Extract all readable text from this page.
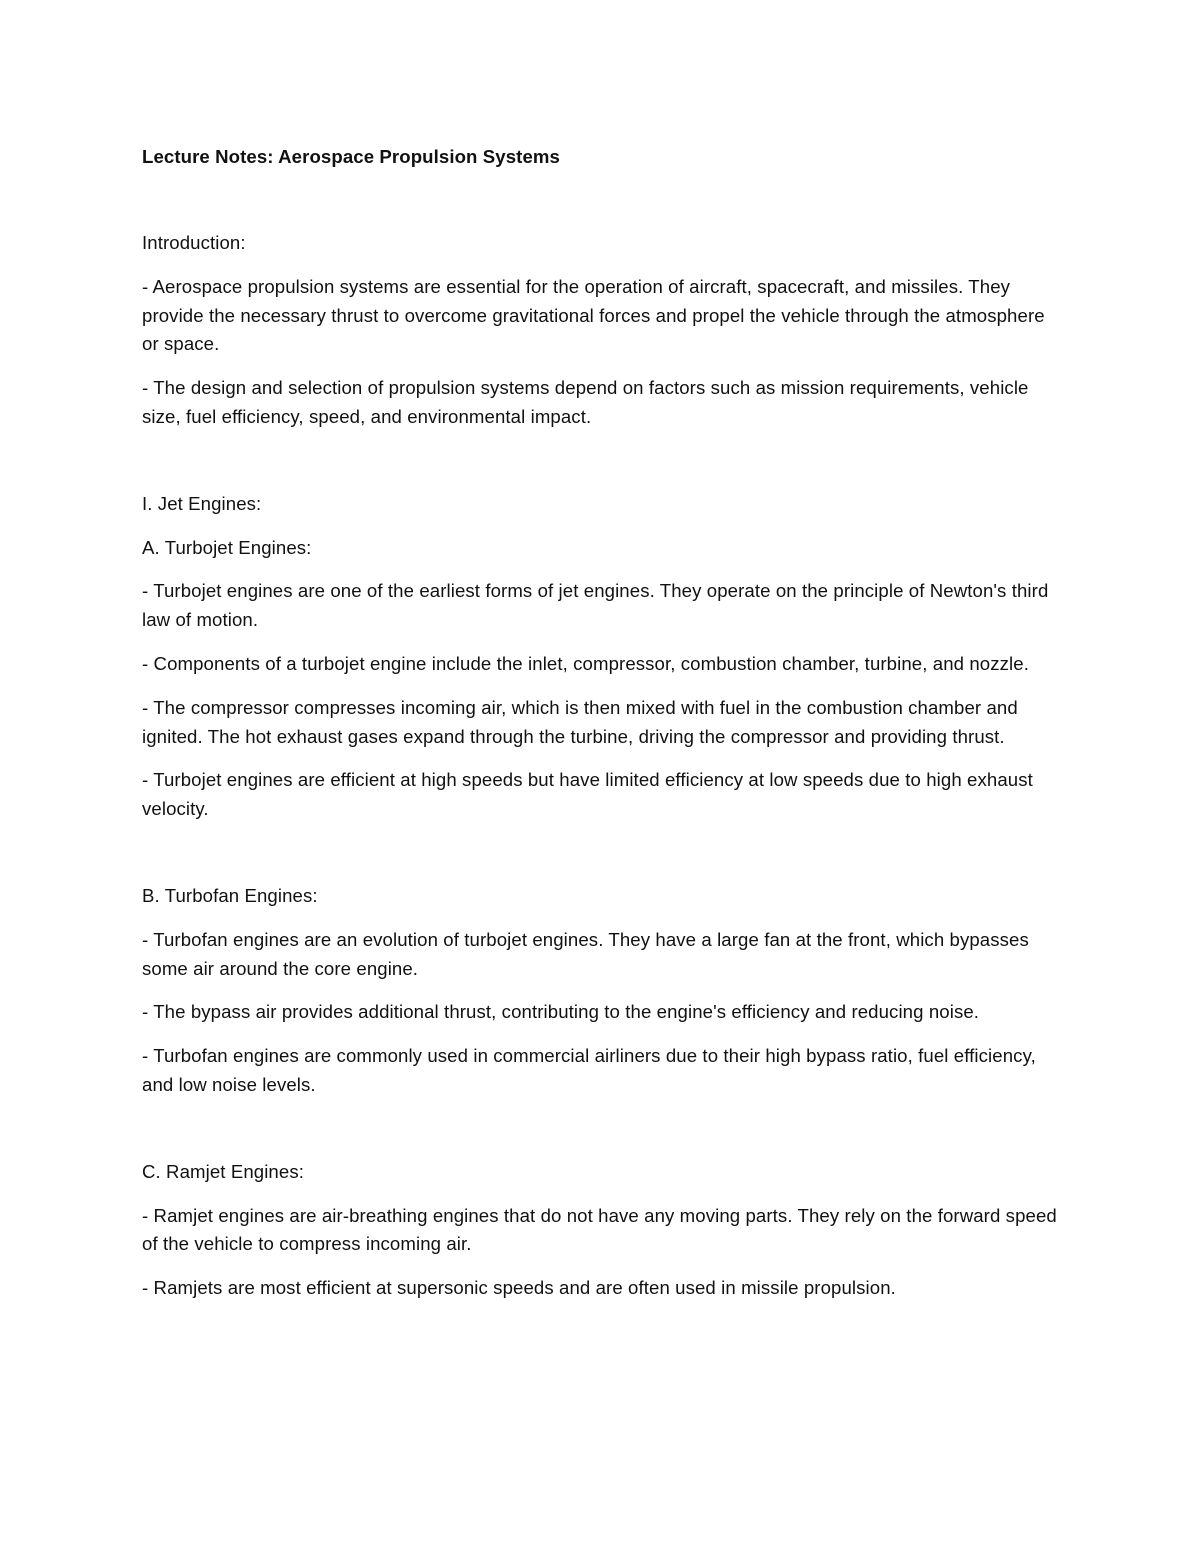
Lecture Notes: Aerospace Propulsion Systems
Introduction:

- Aerospace propulsion systems are essential for the operation of aircraft, spacecraft, and missiles. They provide the necessary thrust to overcome gravitational forces and propel the vehicle through the atmosphere or space.

- The design and selection of propulsion systems depend on factors such as mission requirements, vehicle size, fuel efficiency, speed, and environmental impact.

I. Jet Engines:
A. Turbojet Engines:

- Turbojet engines are one of the earliest forms of jet engines. They operate on the principle of Newton's third law of motion.

- Components of a turbojet engine include the inlet, compressor, combustion chamber, turbine, and nozzle.

- The compressor compresses incoming air, which is then mixed with fuel in the combustion chamber and ignited. The hot exhaust gases expand through the turbine, driving the compressor and providing thrust.

- Turbojet engines are efficient at high speeds but have limited efficiency at low speeds due to high exhaust velocity.

B. Turbofan Engines:

- Turbofan engines are an evolution of turbojet engines. They have a large fan at the front, which bypasses some air around the core engine.

- The bypass air provides additional thrust, contributing to the engine's efficiency and reducing noise.

- Turbofan engines are commonly used in commercial airliners due to their high bypass ratio, fuel efficiency, and low noise levels.

C. Ramjet Engines:

- Ramjet engines are air-breathing engines that do not have any moving parts. They rely on the forward speed of the vehicle to compress incoming air.

- Ramjets are most efficient at supersonic speeds and are often used in missile propulsion.
